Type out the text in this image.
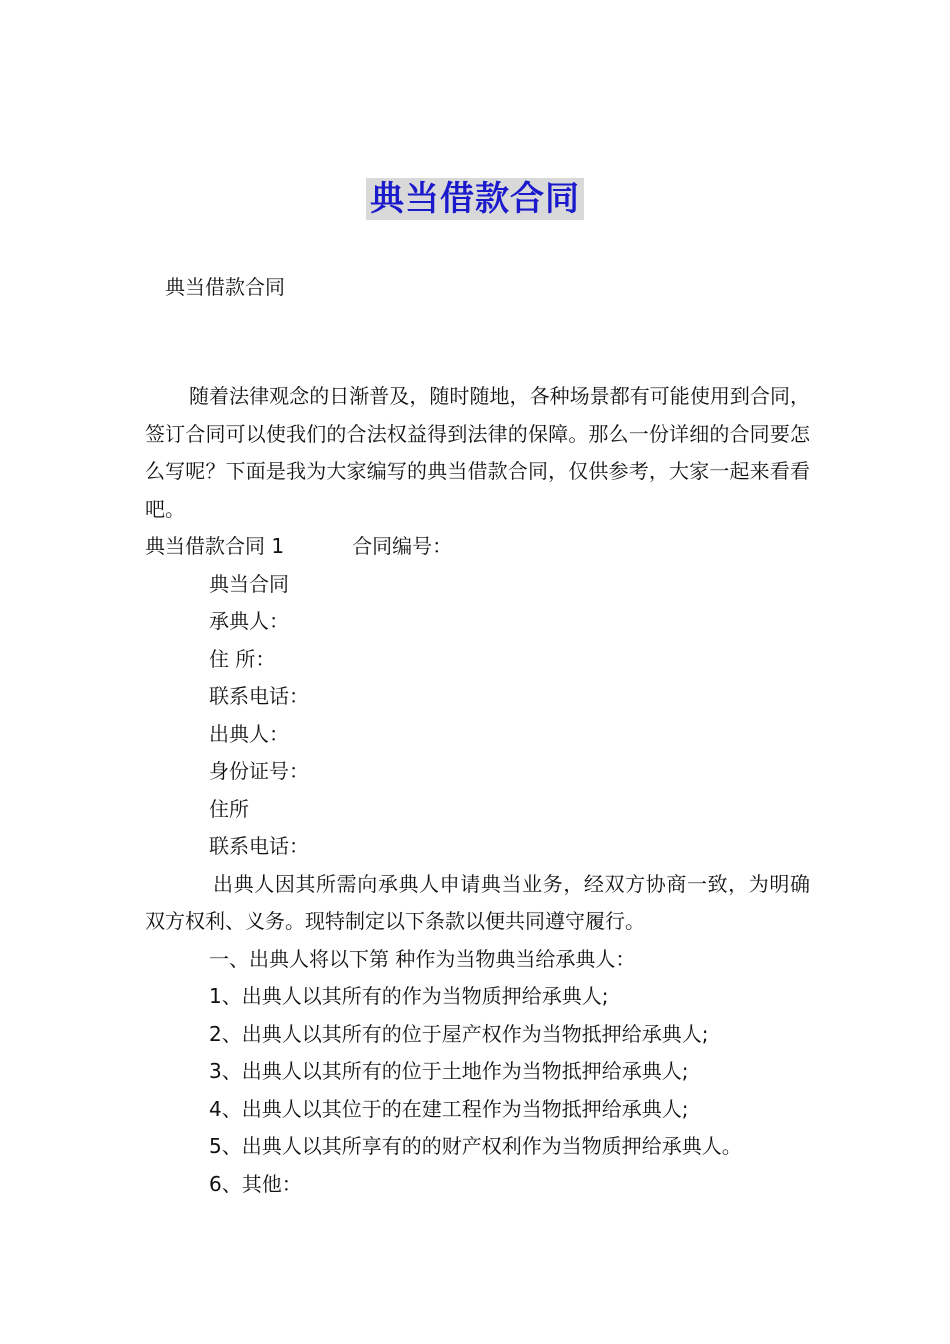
典当借款合同
典当借款合同

随着法律观念的日渐普及，随时随地，各种场景都有可能使用到合同，签订合同可以使我们的合法权益得到法律的保障。那么一份详细的合同要怎么写呢？下面是我为大家编写的典当借款合同，仅供参考，大家一起来看看吧。

典当借款合同 1	合同编号：

典当合同

承典人：

住 所：

联系电话：

出典人：

身份证号：

住所

联系电话：

出典人因其所需向承典人申请典当业务，经双方协商一致，为明确双方权利、义务。现特制定以下条款以便共同遵守履行。

一、出典人将以下第 种作为当物典当给承典人：

1、出典人以其所有的作为当物质押给承典人;

2、出典人以其所有的位于屋产权作为当物抵押给承典人;

3、出典人以其所有的位于土地作为当物抵押给承典人;

4、出典人以其位于的在建工程作为当物抵押给承典人;

5、出典人以其所享有的的财产权利作为当物质押给承典人。

6、其他：
